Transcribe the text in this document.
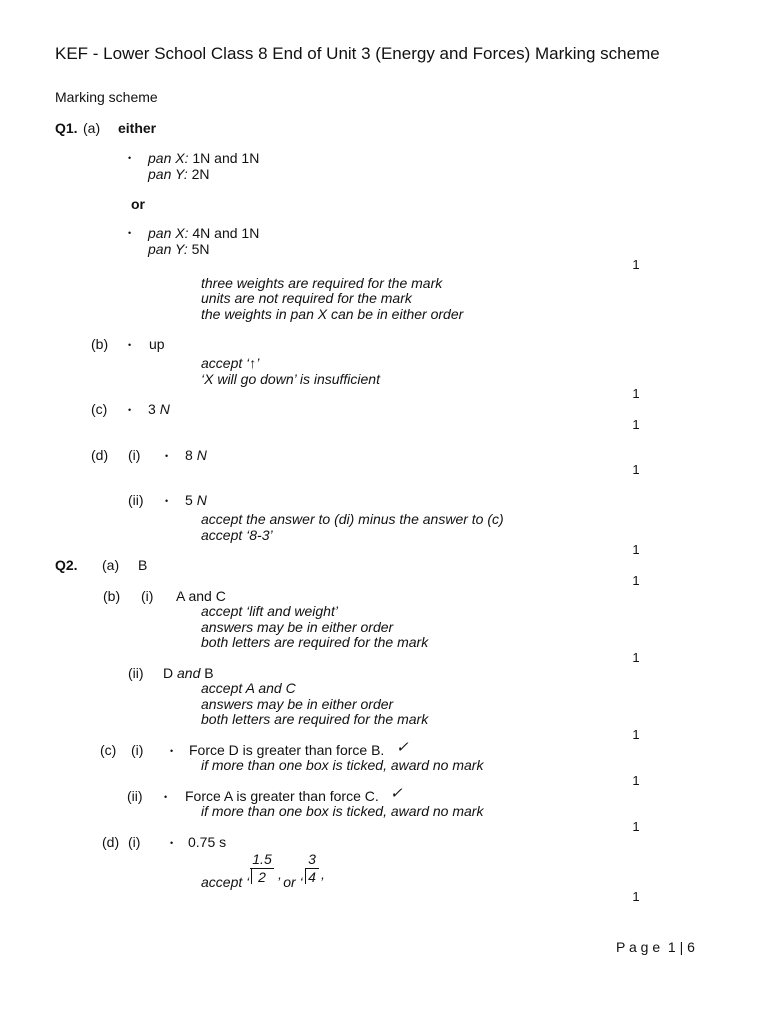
KEF - Lower School Class 8 End of Unit 3 (Energy and Forces) Marking scheme
Marking scheme
Q1. (a) either
• pan X: 1N and 1N
pan Y: 2N
or
• pan X: 4N and 1N
pan Y: 5N
1
three weights are required for the mark
units are not required for the mark
the weights in pan X can be in either order
(b) • up
accept ‘↑’
‘X will go down’ is insufficient
1
(c) • 3 N
1
(d) (i)	• 8 N
1
(ii) • 5 N
accept the answer to (di) minus the answer to (c)
accept ‘8-3’
1
Q2. (a) B
1
(b) (i) A and C
accept ‘lift and weight’
answers may be in either order
both letters are required for the mark
1
(ii) D and B
accept A and C
answers may be in either order
both letters are required for the mark
1
(c) (i)	• Force D is greater than force B. ✓
if more than one box is ticked, award no mark
1
(ii) • Force A is greater than force C. ✓
if more than one box is ticked, award no mark
1
(d) (i)	• 0.75 s
accept ‘
1.5
2 ’ or ‘
3
4 ’
1
P a g e  1 | 6
